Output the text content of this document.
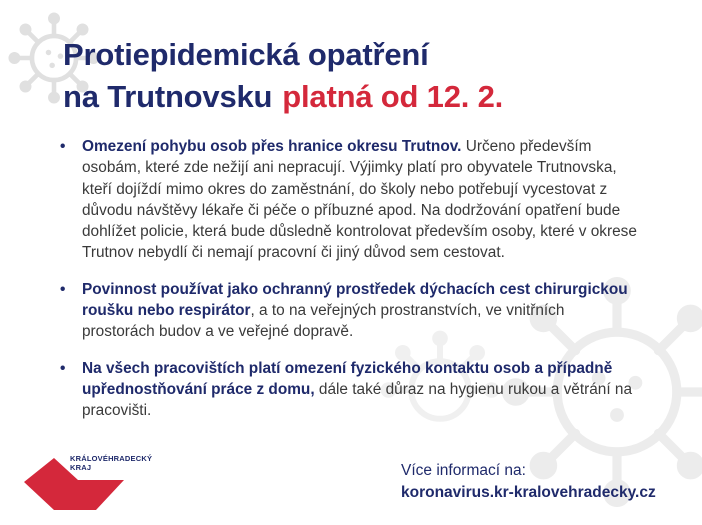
Protiepidemická opatření
na Trutnovsku platná od 12. 2.
• Omezení pohybu osob přes hranice okresu Trutnov. Určeno především osobám, které zde nežijí ani nepracují. Výjimky platí pro obyvatele Trutnovska, kteří dojíždí mimo okres do zaměstnání, do školy nebo potřebují vycestovat z důvodu návštěvy lékaře či péče o příbuzné apod. Na dodržování opatření bude dohlížet policie, která bude důsledně kontrolovat především osoby, které v okrese Trutnov nebydlí či nemají pracovní či jiný důvod sem cestovat.
• Povinnost používat jako ochranný prostředek dýchacích cest chirurgickou roušku nebo respirátor, a to na veřejných prostranstvích, ve vnitřních prostorách budov a ve veřejné dopravě.
• Na všech pracovištích platí omezení fyzického kontaktu osob a případně upřednostňování práce z domu, dále také důraz na hygienu rukou a větrání na pracovišti.
KRÁLOVÉHRADECKÝ
KRAJ	Více informací na:
koronavirus.kr-kralovehradecky.cz
